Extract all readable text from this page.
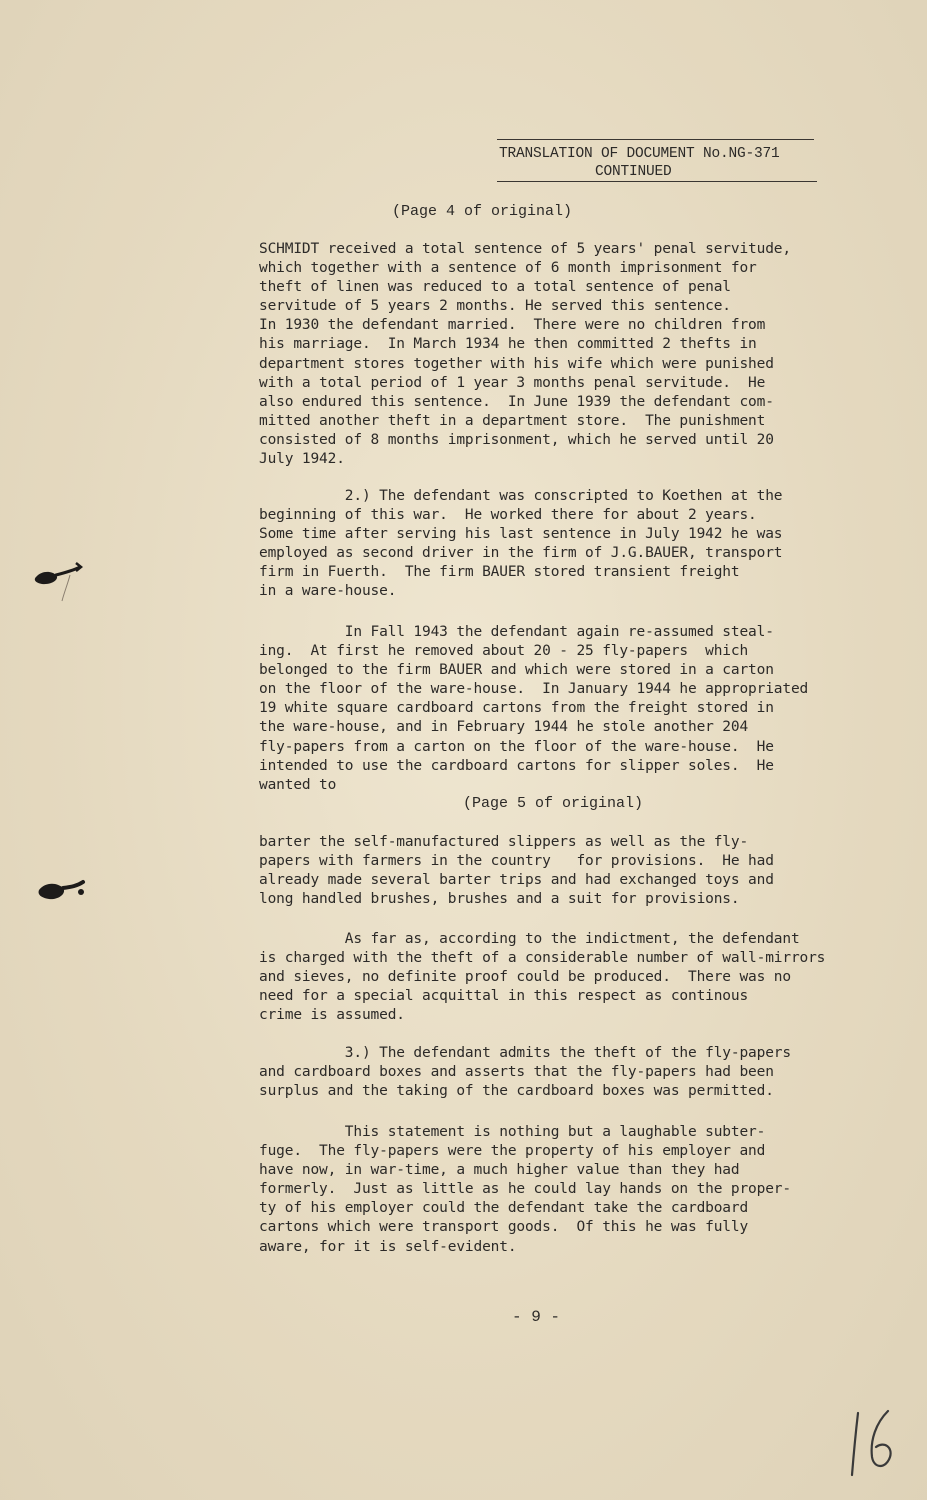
TRANSLATION OF DOCUMENT No.NG-371
CONTINUED
(Page 4 of original)
SCHMIDT received a total sentence of 5 years' penal servitude,
which together with a sentence of 6 month imprisonment for
theft of linen was reduced to a total sentence of penal
servitude of 5 years 2 months. He served this sentence.
In 1930 the defendant married.  There were no children from
his marriage.  In March 1934 he then committed 2 thefts in
department stores together with his wife which were punished
with a total period of 1 year 3 months penal servitude.  He
also endured this sentence.  In June 1939 the defendant com-
mitted another theft in a department store.  The punishment
consisted of 8 months imprisonment, which he served until 20
July 1942.
2.) The defendant was conscripted to Koethen at the
beginning of this war.  He worked there for about 2 years.
Some time after serving his last sentence in July 1942 he was
employed as second driver in the firm of J.G.BAUER, transport
firm in Fuerth.  The firm BAUER stored transient freight
in a ware-house.
In Fall 1943 the defendant again re-assumed steal-
ing.  At first he removed about 20 - 25 fly-papers  which
belonged to the firm BAUER and which were stored in a carton
on the floor of the ware-house.  In January 1944 he appropriated
19 white square cardboard cartons from the freight stored in
the ware-house, and in February 1944 he stole another 204
fly-papers from a carton on the floor of the ware-house.  He
intended to use the cardboard cartons for slipper soles.  He
wanted to
(Page 5 of original)
barter the self-manufactured slippers as well as the fly-
papers with farmers in the country   for provisions.  He had
already made several barter trips and had exchanged toys and
long handled brushes, brushes and a suit for provisions.
As far as, according to the indictment, the defendant
is charged with the theft of a considerable number of wall-mirrors
and sieves, no definite proof could be produced.  There was no
need for a special acquittal in this respect as continous
crime is assumed.
3.) The defendant admits the theft of the fly-papers
and cardboard boxes and asserts that the fly-papers had been
surplus and the taking of the cardboard boxes was permitted.
This statement is nothing but a laughable subter-
fuge.  The fly-papers were the property of his employer and
have now, in war-time, a much higher value than they had
formerly.  Just as little as he could lay hands on the proper-
ty of his employer could the defendant take the cardboard
cartons which were transport goods.  Of this he was fully
aware, for it is self-evident.
- 9 -
